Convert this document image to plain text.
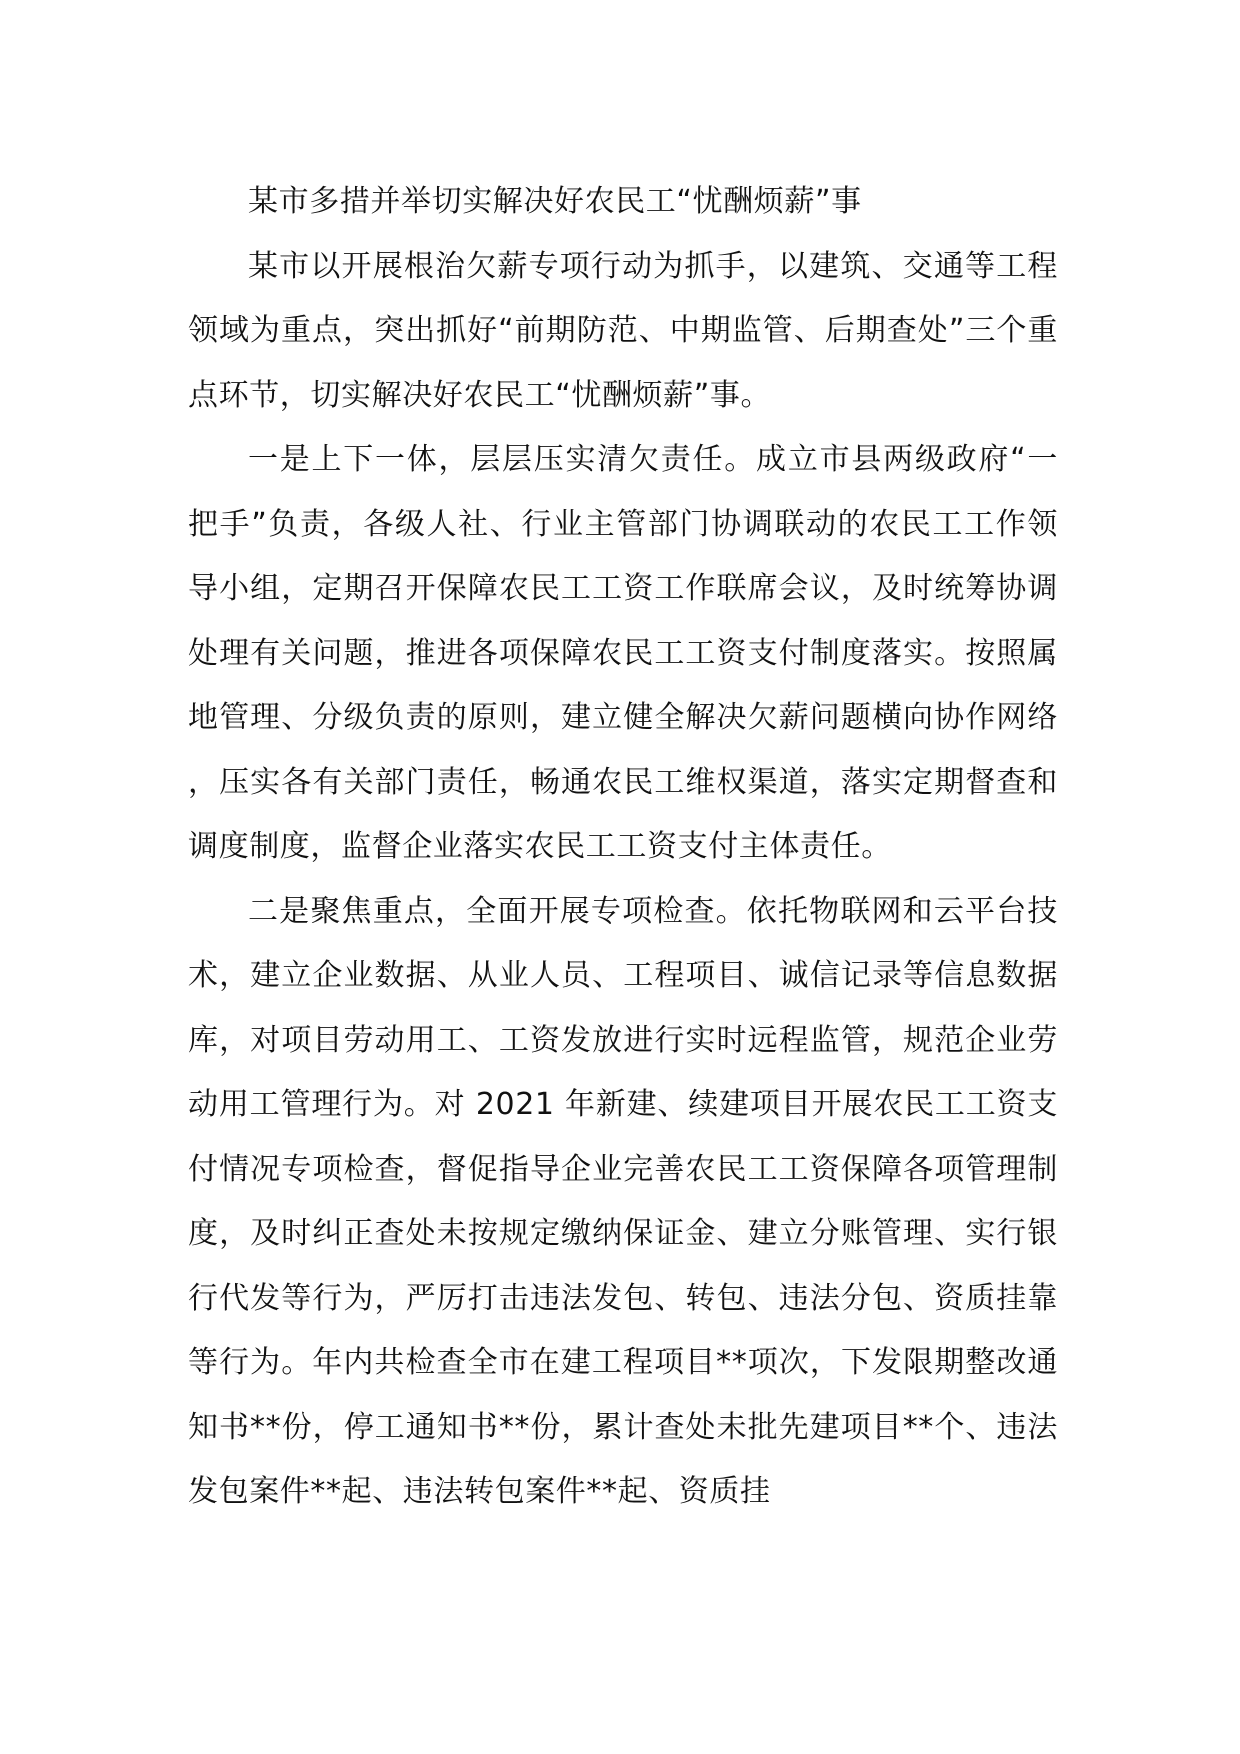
某市多措并举切实解决好农民工“忧酬烦薪”事

某市以开展根治欠薪专项行动为抓手，以建筑、交通等工程领域为重点，突出抓好“前期防范、中期监管、后期查处”三个重点环节，切实解决好农民工“忧酬烦薪”事。

一是上下一体，层层压实清欠责任。成立市县两级政府“一把手”负责，各级人社、行业主管部门协调联动的农民工工作领导小组，定期召开保障农民工工资工作联席会议，及时统筹协调处理有关问题，推进各项保障农民工工资支付制度落实。按照属地管理、分级负责的原则，建立健全解决欠薪问题横向协作网络，压实各有关部门责任，畅通农民工维权渠道，落实定期督查和调度制度，监督企业落实农民工工资支付主体责任。

二是聚焦重点，全面开展专项检查。依托物联网和云平台技术，建立企业数据、从业人员、工程项目、诚信记录等信息数据库，对项目劳动用工、工资发放进行实时远程监管，规范企业劳动用工管理行为。对 2021 年新建、续建项目开展农民工工资支付情况专项检查，督促指导企业完善农民工工资保障各项管理制度，及时纠正查处未按规定缴纳保证金、建立分账管理、实行银行代发等行为，严厉打击违法发包、转包、违法分包、资质挂靠等行为。年内共检查全市在建工程项目**项次，下发限期整改通知书**份，停工通知书**份，累计查处未批先建项目**个、违法发包案件**起、违法转包案件**起、资质挂
